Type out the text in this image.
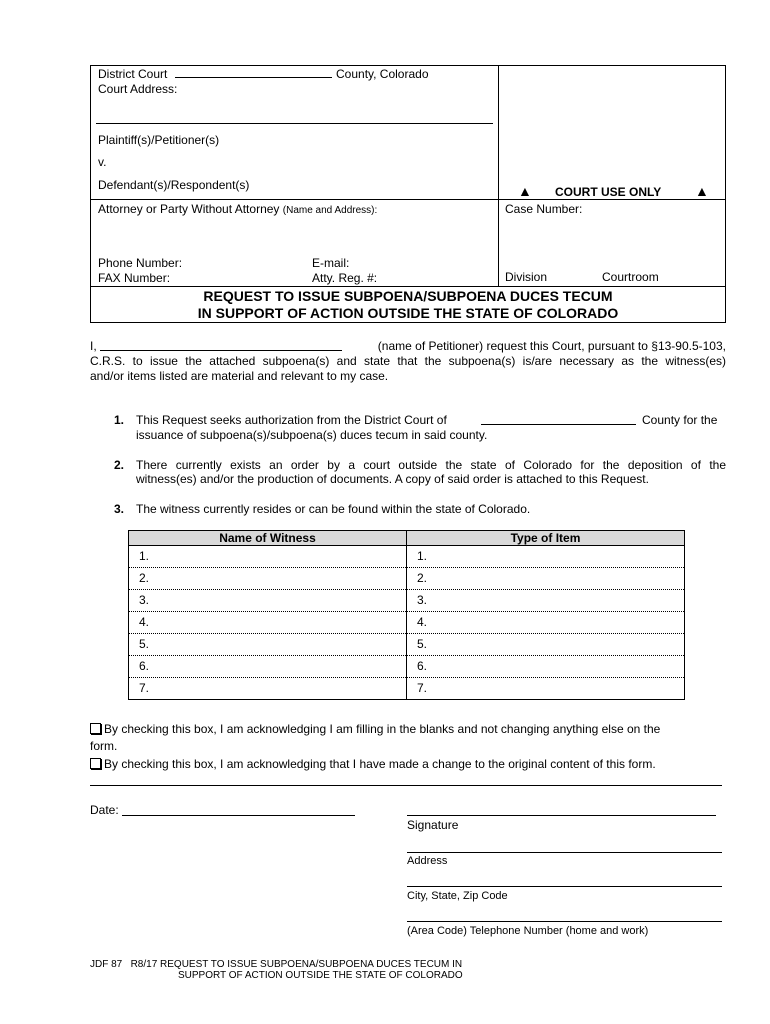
District Court	County, Colorado
Court Address:
Plaintiff(s)/Petitioner(s)
v.
Defendant(s)/Respondent(s)	▲ COURT USE ONLY ▲
Attorney or Party Without Attorney (Name and Address):	Case Number:
Phone Number:	E-mail:
FAX Number:	Atty. Reg. #:	Division	Courtroom
REQUEST TO ISSUE SUBPOENA/SUBPOENA DUCES TECUM
IN SUPPORT OF ACTION OUTSIDE THE STATE OF COLORADO
I,	(name of Petitioner) request this Court, pursuant to §13-90.5-103,
C.R.S. to issue the attached subpoena(s) and state that the subpoena(s) is/are necessary as the witness(es)
and/or items listed are material and relevant to my case.
1. This Request seeks authorization from the District Court of	County for the
issuance of subpoena(s)/subpoena(s) duces tecum in said county.
2. There currently exists an order by a court outside the state of Colorado for the deposition of the
witness(es) and/or the production of documents. A copy of said order is attached to this Request.
3. The witness currently resides or can be found within the state of Colorado.
Name of Witness	Type of Item
1.	1.
2.	2.
3.	3.
4.	4.
5.	5.
6.	6.
7.	7.
By checking this box, I am acknowledging I am filling in the blanks and not changing anything else on the
form.
By checking this box, I am acknowledging that I have made a change to the original content of this form.
Date:
Signature
Address
City, State, Zip Code
(Area Code) Telephone Number (home and work)
JDF 87   R8/17 REQUEST TO ISSUE SUBPOENA/SUBPOENA DUCES TECUM IN
SUPPORT OF ACTION OUTSIDE THE STATE OF COLORADO
